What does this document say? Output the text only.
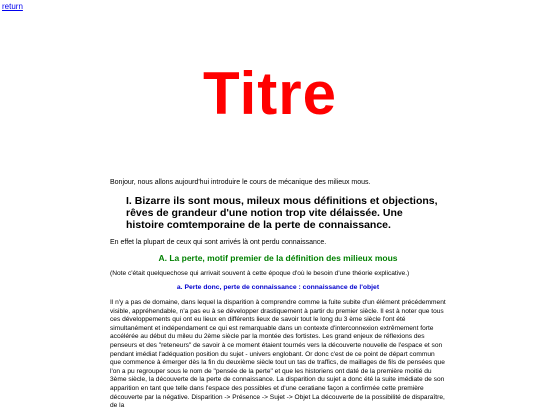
return
Titre

Bonjour, nous allons aujourd'hui introduire le cours de mécanique des milieux mous.

I. Bizarre ils sont mous, mileux mous définitions et objections, rêves de grandeur d'une notion trop vite délaissée. Une histoire comtemporaine de la perte de connaissance.

En effet la plupart de ceux qui sont arrivés là ont perdu connaissance.

A. La perte, motif premier de la définition des milieux mous

(Note c'était quelquechose qui arrivait souvent à cette époque d'où le besoin d'une théorie explicative.)

a. Perte donc, perte de connaissance : connaissance de l'objet

Il n'y a pas de domaine, dans lequel la disparition à comprendre comme la fuite subite d'un élément précédemment visible, appréhendable, n'a pas eu à se développer drastiquement à partir du premier siècle. Il est à noter que tous ces développements qui ont eu lieux en différents lieux de savoir tout le long du 3 ème siècle l'ont été simultanément et indépendament ce qui est remarquable dans un contexte d'interconnexion extrêmement forte accélérée au début du mileu du 2ème siècle par la montée des fortistes. Les grand enjeux de réflexions des penseurs et des "reteneurs" de savoir à ce moment étaient tournés vers la découverte nouvelle de l'espace et son pendant imédiat l'adéquation position du sujet - univers englobant. Or donc c'est de ce point de départ commun que commence à émerger dès la fin du deuxième siècle tout un tas de traffics, de maillages de fils de pensées que l'on a pu regrouper sous le nom de "pensée de la perte" et que les historiens ont daté de la première moitié du 3ème siècle, la découverte de la perte de connaissance. La disparition du sujet a donc été la suite imédiate de son apparition en tant que telle dans l'espace des possibles et d'une ceratiane façon a confirmée cette première découverte par la négative. Disparition -> Présence -> Sujet -> Objet La découverte de la possibilité de disparaître, de la
